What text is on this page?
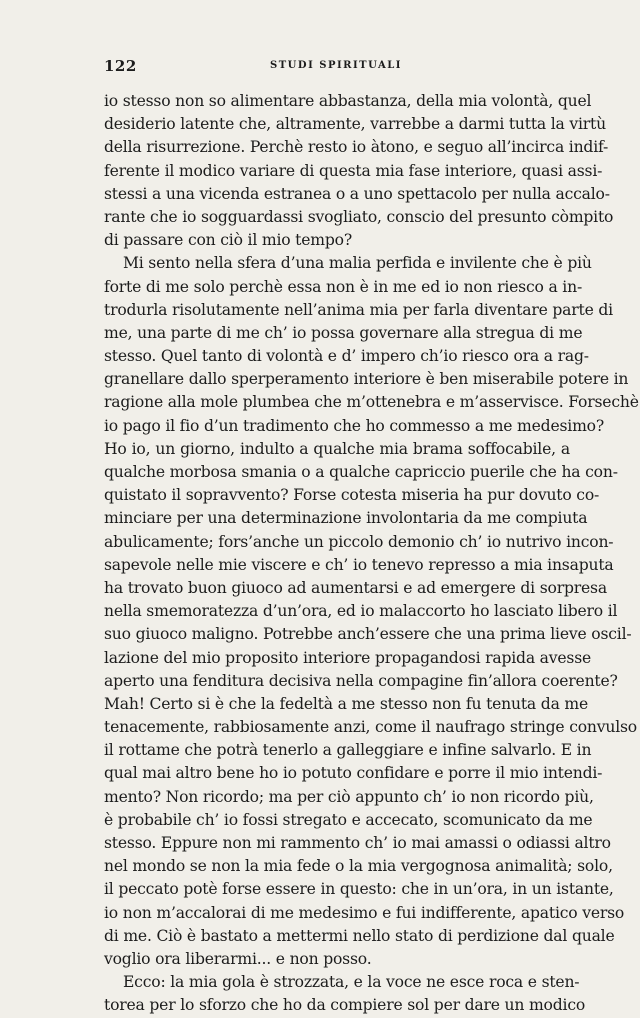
122	STUDI SPIRITUALI
io stesso non so alimentare abbastanza, della mia volontà, quel
desiderio latente che, altramente, varrebbe a darmi tutta la virtù
della risurrezione. Perchè resto io àtono, e seguo all’incirca indif-
ferente il modico variare di questa mia fase interiore, quasi assi-
stessi a una vicenda estranea o a uno spettacolo per nulla accalo-
rante che io sogguardassi svogliato, conscio del presunto còmpito
di passare con ciò il mio tempo?
Mi sento nella sfera d’una malia perfida e invilente che è più
forte di me solo perchè essa non è in me ed io non riesco a in-
trodurla risolutamente nell’anima mia per farla diventare parte di
me, una parte di me ch’ io possa governare alla stregua di me
stesso. Quel tanto di volontà e d’ impero ch’io riesco ora a rag-
granellare dallo sperperamento interiore è ben miserabile potere in
ragione alla mole plumbea che m’ottenebra e m’asservisce. Forsechè
io pago il fio d’un tradimento che ho commesso a me medesimo?
Ho io, un giorno, indulto a qualche mia brama soffocabile, a
qualche morbosa smania o a qualche capriccio puerile che ha con-
quistato il sopravvento? Forse cotesta miseria ha pur dovuto co-
minciare per una determinazione involontaria da me compiuta
abulicamente; fors’anche un piccolo demonio ch’ io nutrivo incon-
sapevole nelle mie viscere e ch’ io tenevo represso a mia insaputa
ha trovato buon giuoco ad aumentarsi e ad emergere di sorpresa
nella smemoratezza d’un’ora, ed io malaccorto ho lasciato libero il
suo giuoco maligno. Potrebbe anch’essere che una prima lieve oscil-
lazione del mio proposito interiore propagandosi rapida avesse
aperto una fenditura decisiva nella compagine fin’allora coerente?
Mah! Certo si è che la fedeltà a me stesso non fu tenuta da me
tenacemente, rabbiosamente anzi, come il naufrago stringe convulso
il rottame che potrà tenerlo a galleggiare e infine salvarlo. E in
qual mai altro bene ho io potuto confidare e porre il mio intendi-
mento? Non ricordo; ma per ciò appunto ch’ io non ricordo più,
è probabile ch’ io fossi stregato e accecato, scomunicato da me
stesso. Eppure non mi rammento ch’ io mai amassi o odiassi altro
nel mondo se non la mia fede o la mia vergognosa animalità; solo,
il peccato potè forse essere in questo: che in un’ora, in un istante,
io non m’accalorai di me medesimo e fui indifferente, apatico verso
di me. Ciò è bastato a mettermi nello stato di perdizione dal quale
voglio ora liberarmi... e non posso.
Ecco: la mia gola è strozzata, e la voce ne esce roca e sten-
torea per lo sforzo che ho da compiere sol per dare un modico
